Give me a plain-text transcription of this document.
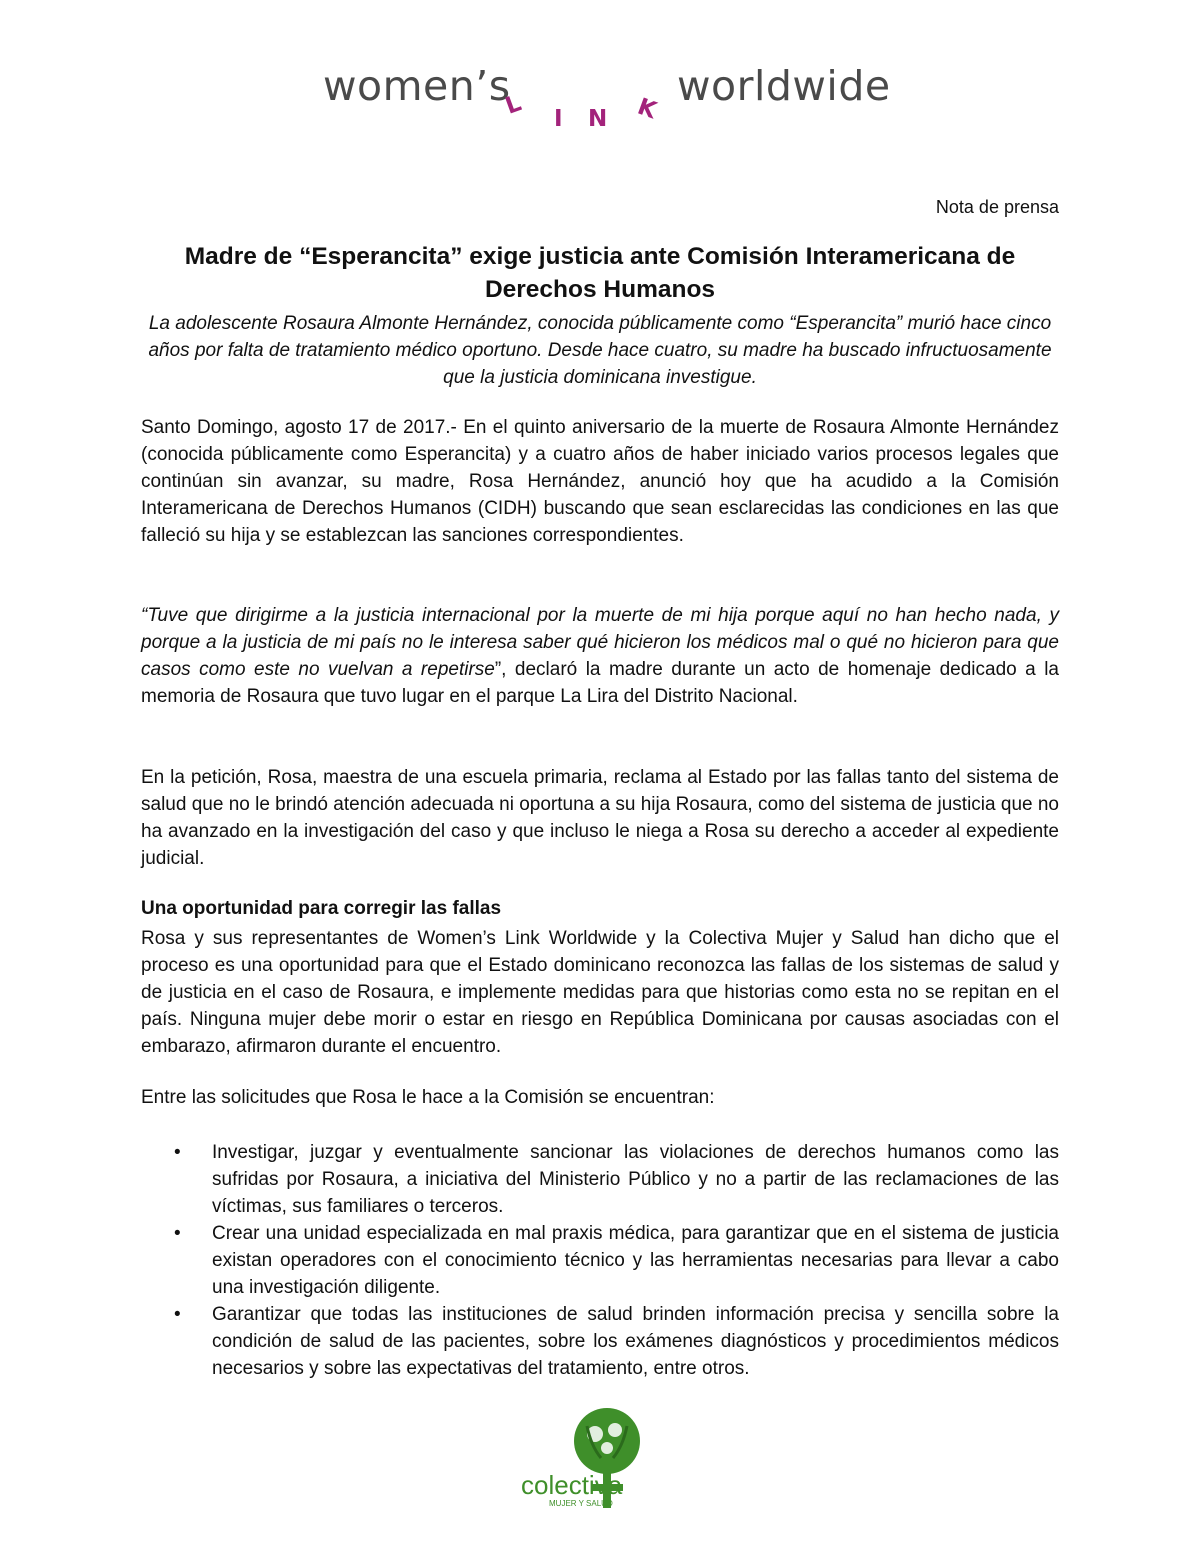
women’s
L I N K worldwide
Nota de prensa
Madre de “Esperancita” exige justicia ante Comisión Interamericana de Derechos Humanos
La adolescente Rosaura Almonte Hernández, conocida públicamente como “Esperancita” murió hace cinco años por falta de tratamiento médico oportuno. Desde hace cuatro, su madre ha buscado infructuosamente que la justicia dominicana investigue.

Santo Domingo, agosto 17 de 2017.- En el quinto aniversario de la muerte de Rosaura Almonte Hernández (conocida públicamente como Esperancita) y a cuatro años de haber iniciado varios procesos legales que continúan sin avanzar, su madre, Rosa Hernández, anunció hoy que ha acudido a la Comisión Interamericana de Derechos Humanos (CIDH) buscando que sean esclarecidas las condiciones en las que falleció su hija y se establezcan las sanciones correspondientes.

“Tuve que dirigirme a la justicia internacional por la muerte de mi hija porque aquí no han hecho nada, y porque a la justicia de mi país no le interesa saber qué hicieron los médicos mal o qué no hicieron para que casos como este no vuelvan a repetirse”, declaró la madre durante un acto de homenaje dedicado a la memoria de Rosaura que tuvo lugar en el parque La Lira del Distrito Nacional.

En la petición, Rosa, maestra de una escuela primaria, reclama al Estado por las fallas tanto del sistema de salud que no le brindó atención adecuada ni oportuna a su hija Rosaura, como del sistema de justicia que no ha avanzado en la investigación del caso y que incluso le niega a Rosa su derecho a acceder al expediente judicial.

Una oportunidad para corregir las fallas

Rosa y sus representantes de Women’s Link Worldwide y la Colectiva Mujer y Salud han dicho que el proceso es una oportunidad para que el Estado dominicano reconozca las fallas de los sistemas de salud y de justicia en el caso de Rosaura, e implemente medidas para que historias como esta no se repitan en el país. Ninguna mujer debe morir o estar en riesgo en República Dominicana por causas asociadas con el embarazo, afirmaron durante el encuentro.

Entre las solicitudes que Rosa le hace a la Comisión se encuentran:

• Investigar, juzgar y eventualmente sancionar las violaciones de derechos humanos como las sufridas por Rosaura, a iniciativa del Ministerio Público y no a partir de las reclamaciones de las víctimas, sus familiares o terceros.
• Crear una unidad especializada en mal praxis médica, para garantizar que en el sistema de justicia existan operadores con el conocimiento técnico y las herramientas necesarias para llevar a cabo una investigación diligente.
• Garantizar que todas las instituciones de salud brinden información precisa y sencilla sobre la condición de salud de las pacientes, sobre los exámenes diagnósticos y procedimientos médicos necesarios y sobre las expectativas del tratamiento, entre otros.
colectiva
MUJER Y SALUD
